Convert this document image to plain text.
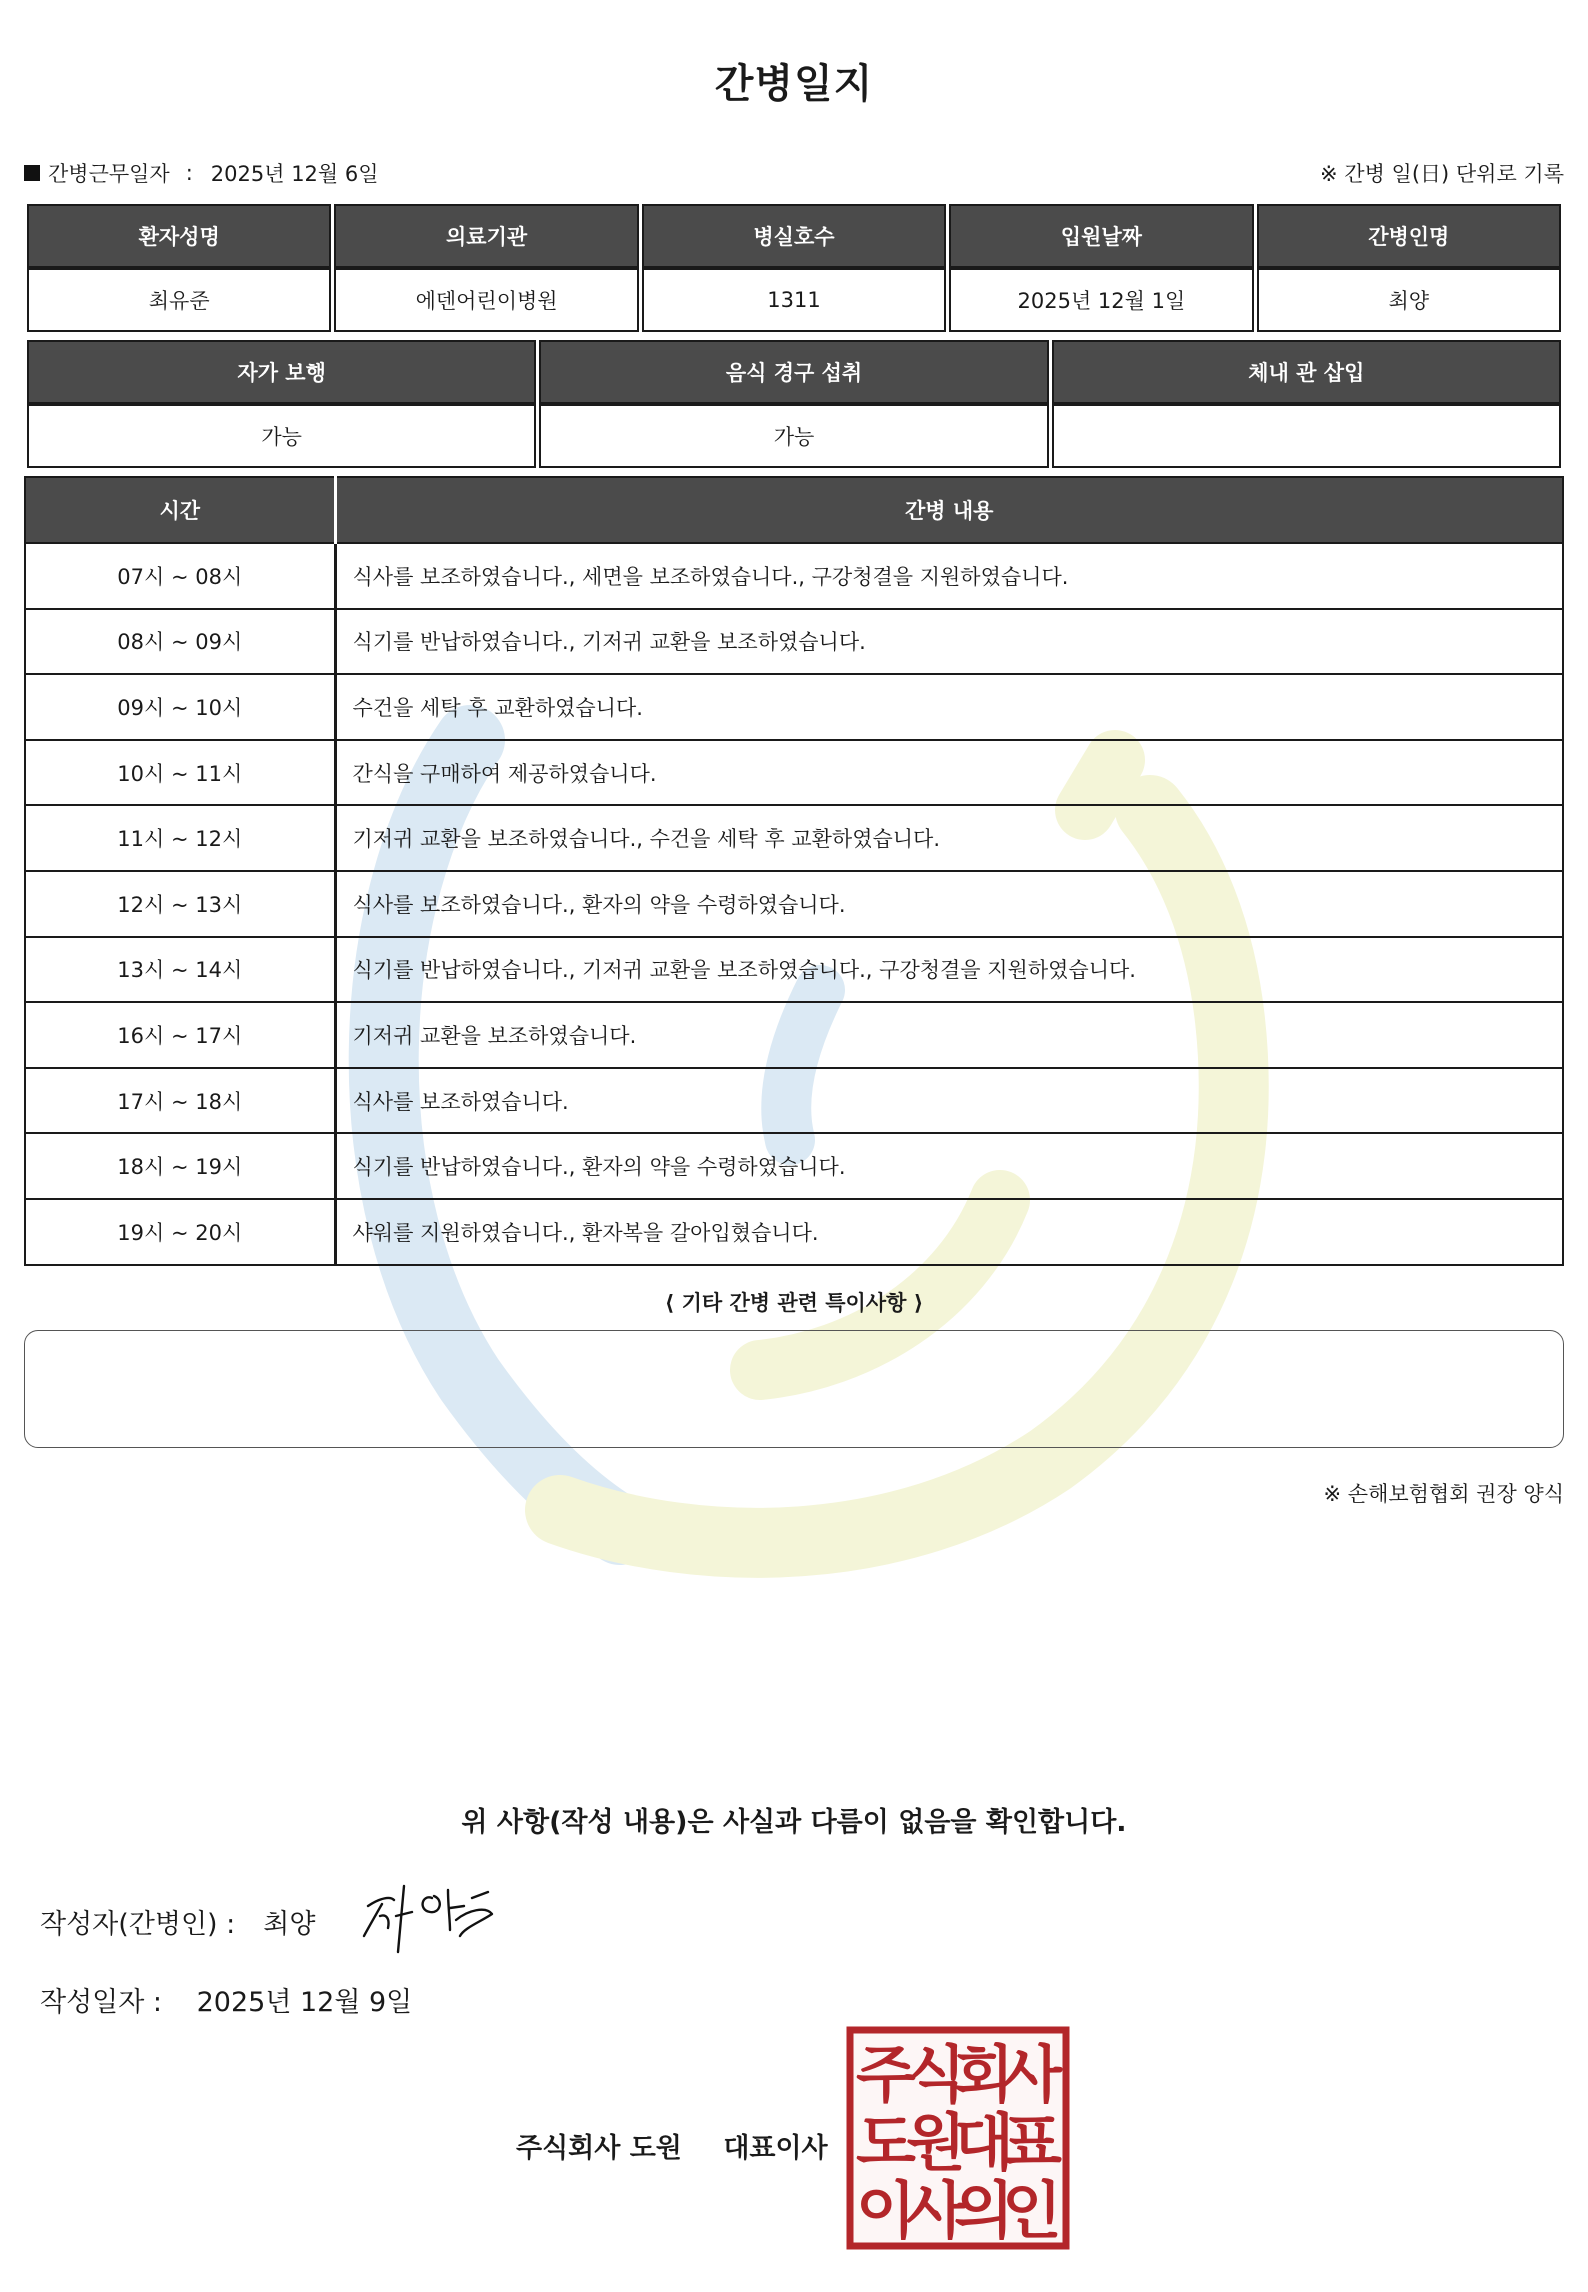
간병일지
간병근무일자 : 2025년 12월 6일	※ 간병 일(日) 단위로 기록
환자성명	의료기관	병실호수	입원날짜	간병인명
최유준	에덴어린이병원	1311	2025년 12월 1일	최양
자가 보행	음식 경구 섭취	체내 관 삽입
가능	가능	
시간	간병 내용
07시 ~ 08시	식사를 보조하였습니다., 세면을 보조하였습니다., 구강청결을 지원하였습니다.
08시 ~ 09시	식기를 반납하였습니다., 기저귀 교환을 보조하였습니다.
09시 ~ 10시	수건을 세탁 후 교환하였습니다.
10시 ~ 11시	간식을 구매하여 제공하였습니다.
11시 ~ 12시	기저귀 교환을 보조하였습니다., 수건을 세탁 후 교환하였습니다.
12시 ~ 13시	식사를 보조하였습니다., 환자의 약을 수령하였습니다.
13시 ~ 14시	식기를 반납하였습니다., 기저귀 교환을 보조하였습니다., 구강청결을 지원하였습니다.
16시 ~ 17시	기저귀 교환을 보조하였습니다.
17시 ~ 18시	식사를 보조하였습니다.
18시 ~ 19시	식기를 반납하였습니다., 환자의 약을 수령하였습니다.
19시 ~ 20시	샤워를 지원하였습니다., 환자복을 갈아입혔습니다.
⟨ 기타 간병 관련 특이사항 ⟩
※ 손해보험협회 권장 양식
위 사항(작성 내용)은 사실과 다름이 없음을 확인합니다.
작성자(간병인) : 최양
작성일자 : 2025년 12월 9일
주식회사 도원 대표이사
주
식
회
사
도
원
대
표
이
사
의
인
